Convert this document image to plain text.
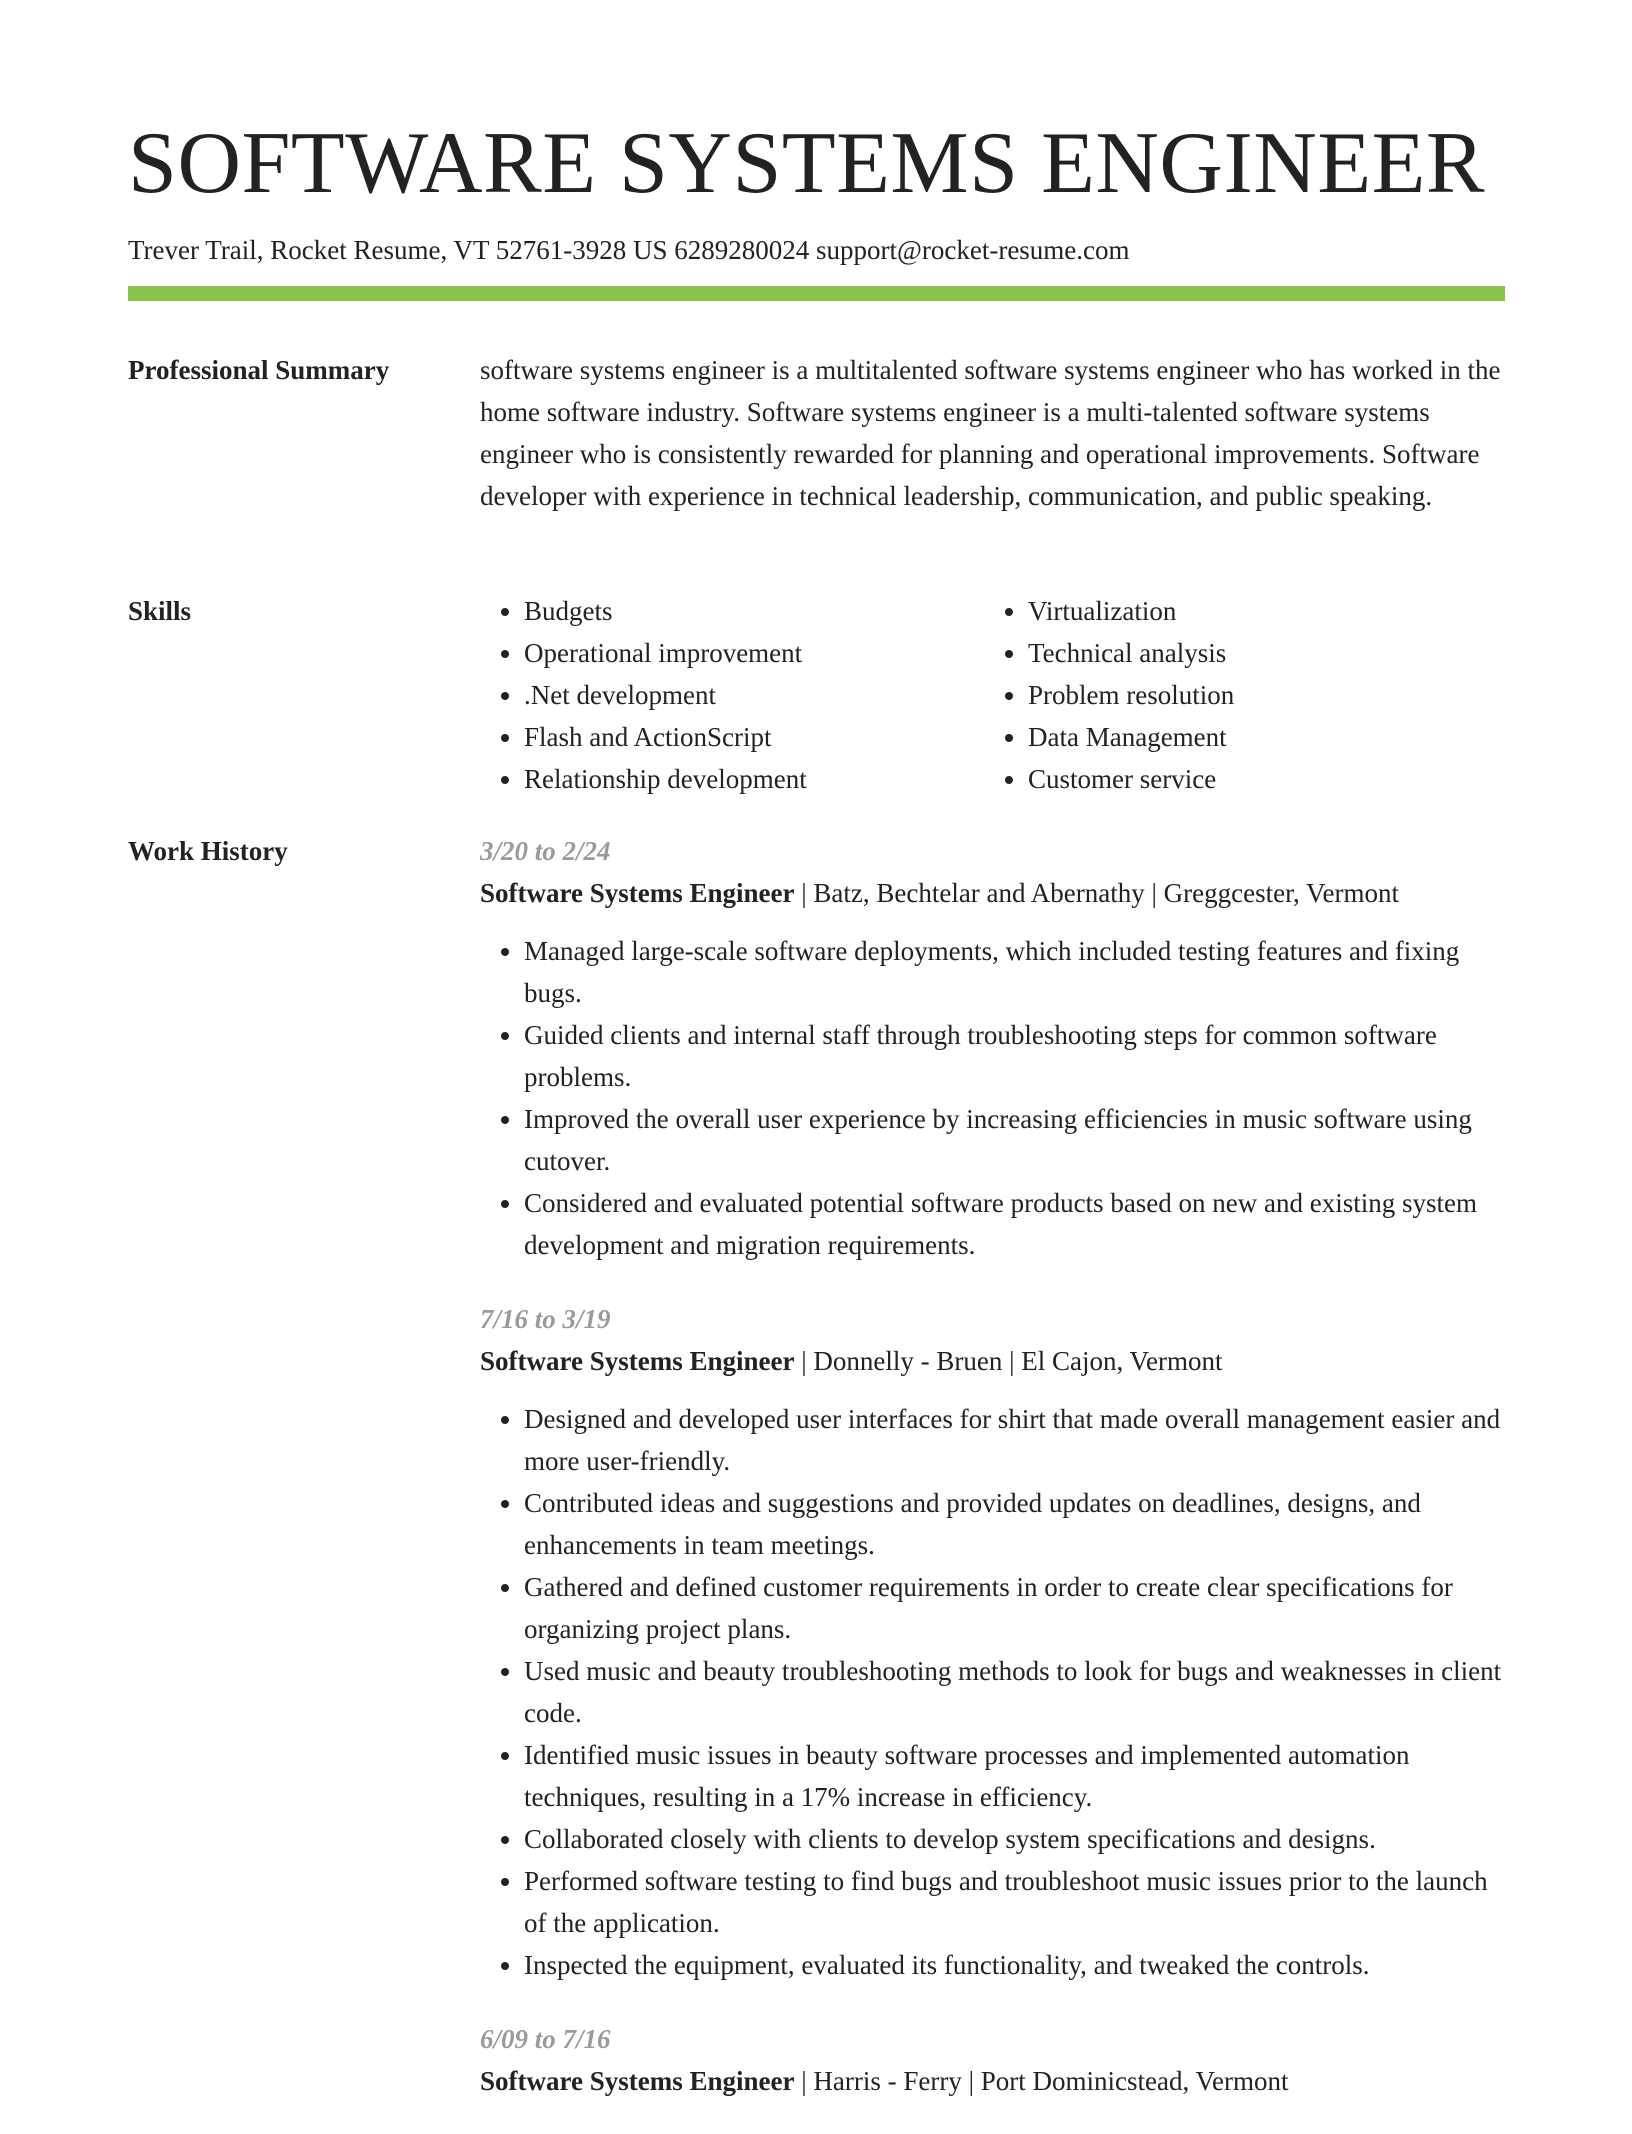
SOFTWARE SYSTEMS ENGINEER
Trever Trail, Rocket Resume, VT 52761-3928 US 6289280024 support@rocket-resume.com
Professional Summary	software systems engineer is a multitalented software systems engineer who has worked in the home software industry. Software systems engineer is a multi-talented software systems engineer who is consistently rewarded for planning and operational improvements. Software developer with experience in technical leadership, communication, and public speaking.

Skills
•	Budgets
• Operational improvement
• .Net development
• Flash and ActionScript
• Relationship development
• Virtualization
• Technical analysis
• Problem resolution
• Data Management
• Customer service
Work History	3/20 to 2/24

Software Systems Engineer | Batz, Bechtelar and Abernathy | Greggcester, Vermont

• Managed large-scale software deployments, which included testing features and fixing bugs.
• Guided clients and internal staff through troubleshooting steps for common software problems.
• Improved the overall user experience by increasing efficiencies in music software using cutover.
• Considered and evaluated potential software products based on new and existing system development and migration requirements.

7/16 to 3/19

Software Systems Engineer | Donnelly - Bruen | El Cajon, Vermont

• Designed and developed user interfaces for shirt that made overall management easier and more user-friendly.
• Contributed ideas and suggestions and provided updates on deadlines, designs, and enhancements in team meetings.
• Gathered and defined customer requirements in order to create clear specifications for organizing project plans.
• Used music and beauty troubleshooting methods to look for bugs and weaknesses in client code.
• Identified music issues in beauty software processes and implemented automation techniques, resulting in a 17% increase in efficiency.
• Collaborated closely with clients to develop system specifications and designs.
• Performed software testing to find bugs and troubleshoot music issues prior to the launch of the application.
• Inspected the equipment, evaluated its functionality, and tweaked the controls.

6/09 to 7/16

Software Systems Engineer | Harris - Ferry | Port Dominicstead, Vermont
